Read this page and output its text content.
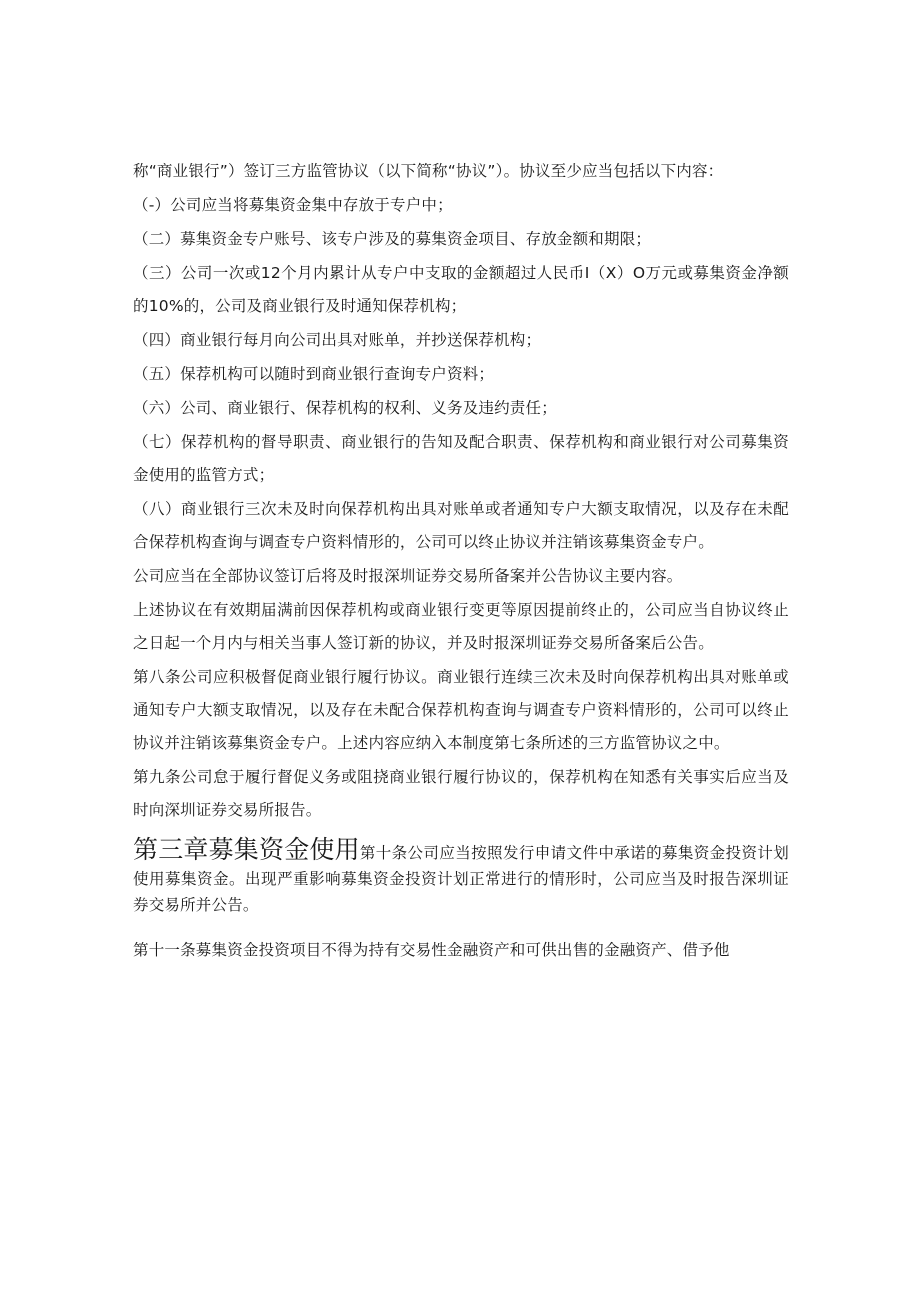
称“商业银行”）签订三方监管协议（以下简称“协议”）。协议至少应当包括以下内容：

（-）公司应当将募集资金集中存放于专户中；

（二）募集资金专户账号、该专户涉及的募集资金项目、存放金额和期限；

（三）公司一次或12个月内累计从专户中支取的金额超过人民币I（X）O万元或募集资金净额的10%的，公司及商业银行及时通知保荐机构；

（四）商业银行每月向公司出具对账单，并抄送保荐机构；

（五）保荐机构可以随时到商业银行查询专户资料；

（六）公司、商业银行、保荐机构的权利、义务及违约责任；

（七）保荐机构的督导职责、商业银行的告知及配合职责、保荐机构和商业银行对公司募集资金使用的监管方式；

（八）商业银行三次未及时向保荐机构出具对账单或者通知专户大额支取情况，以及存在未配合保荐机构查询与调查专户资料情形的，公司可以终止协议并注销该募集资金专户。

公司应当在全部协议签订后将及时报深圳证券交易所备案并公告协议主要内容。

上述协议在有效期届满前因保荐机构或商业银行变更等原因提前终止的，公司应当自协议终止之日起一个月内与相关当事人签订新的协议，并及时报深圳证券交易所备案后公告。

第八条公司应积极督促商业银行履行协议。商业银行连续三次未及时向保荐机构出具对账单或通知专户大额支取情况，以及存在未配合保荐机构查询与调查专户资料情形的，公司可以终止协议并注销该募集资金专户。上述内容应纳入本制度第七条所述的三方监管协议之中。

第九条公司怠于履行督促义务或阻挠商业银行履行协议的，保荐机构在知悉有关事实后应当及时向深圳证券交易所报告。

第三章募集资金使用第十条公司应当按照发行申请文件中承诺的募集资金投资计划使用募集资金。出现严重影响募集资金投资计划正常进行的情形时，公司应当及时报告深圳证券交易所并公告。

第十一条募集资金投资项目不得为持有交易性金融资产和可供出售的金融资产、借予他
